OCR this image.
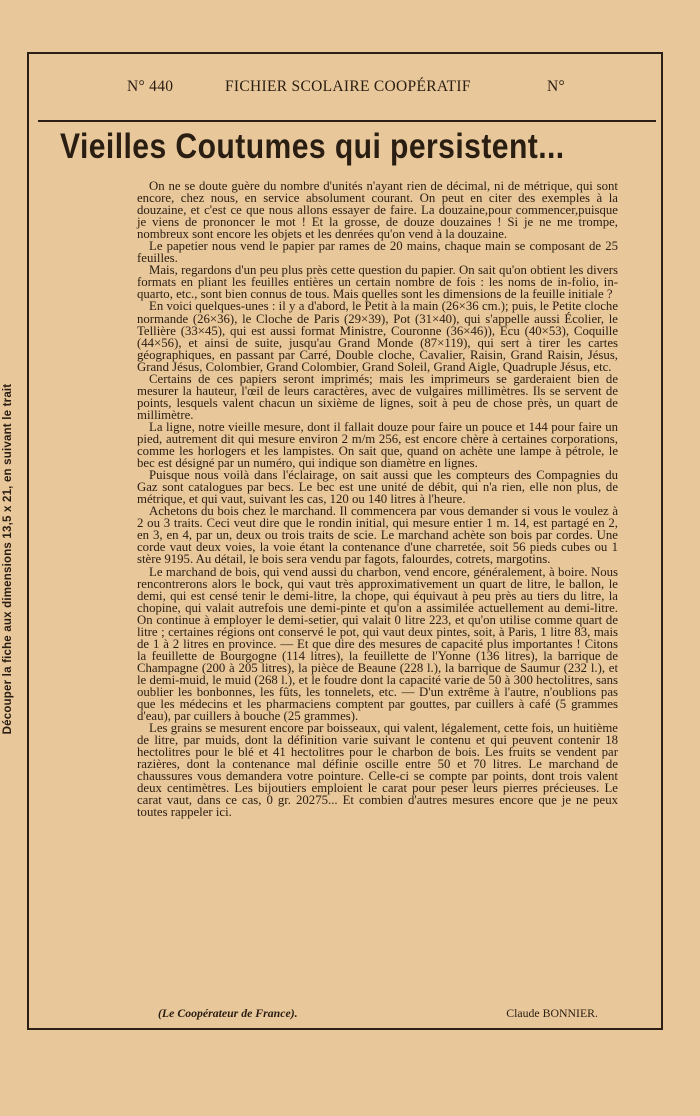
Découper la fiche aux dimensions 13,5 x 21, en suivant le trait
N° 440	FICHIER SCOLAIRE COOPÉRATIF	N°
Vieilles Coutumes qui persistent...

On ne se doute guère du nombre d'unités n'ayant rien de décimal, ni de métrique, qui sont encore, chez nous, en service absolument courant. On peut en citer des exemples à la douzaine, et c'est ce que nous allons essayer de faire. La douzaine,pour commencer,puisque je viens de prononcer le mot ! Et la grosse, de douze douzaines ! Si je ne me trompe, nombreux sont encore les objets et les denrées qu'on vend à la douzaine.

Le papetier nous vend le papier par rames de 20 mains, chaque main se composant de 25 feuilles.

Mais, regardons d'un peu plus près cette question du papier. On sait qu'on obtient les divers formats en pliant les feuilles entières un certain nombre de fois : les noms de in-folio, in-quarto, etc., sont bien connus de tous. Mais quelles sont les dimensions de la feuille initiale ?

En voici quelques-unes : il y a d'abord, le Petit à la main (26×36 cm.); puis, le Petite cloche normande (26×36), le Cloche de Paris (29×39), Pot (31×40), qui s'appelle aussi Écolier, le Tellière (33×45), qui est aussi format Ministre, Couronne (36×46)), Ecu (40×53), Coquille (44×56), et ainsi de suite, jusqu'au Grand Monde (87×119), qui sert à tirer les cartes géographiques, en passant par Carré, Double cloche, Cavalier, Raisin, Grand Raisin, Jésus, Grand Jésus, Colombier, Grand Colombier, Grand Soleil, Grand Aigle, Quadruple Jésus, etc.

Certains de ces papiers seront imprimés; mais les imprimeurs se garderaient bien de mesurer la hauteur, l'œil de leurs caractères, avec de vulgaires millimètres. Ils se servent de points, lesquels valent chacun un sixième de lignes, soit à peu de chose près, un quart de millimètre.

La ligne, notre vieille mesure, dont il fallait douze pour faire un pouce et 144 pour faire un pied, autrement dit qui mesure environ 2 m/m 256, est encore chère à certaines corporations, comme les horlogers et les lampistes. On sait que, quand on achète une lampe à pétrole, le bec est désigné par un numéro, qui indique son diamètre en lignes.

Puisque nous voilà dans l'éclairage, on sait aussi que les compteurs des Compagnies du Gaz sont catalogues par becs. Le bec est une unité de débit, qui n'a rien, elle non plus, de métrique, et qui vaut, suivant les cas, 120 ou 140 litres à l'heure.

Achetons du bois chez le marchand. Il commencera par vous demander si vous le voulez à 2 ou 3 traits. Ceci veut dire que le rondin initial, qui mesure entier 1 m. 14, est partagé en 2, en 3, en 4, par un, deux ou trois traits de scie. Le marchand achète son bois par cordes. Une corde vaut deux voies, la voie étant la contenance d'une charretée, soit 56 pieds cubes ou 1 stère 9195. Au détail, le bois sera vendu par fagots, falourdes, cotrets, margotins.

Le marchand de bois, qui vend aussi du charbon, vend encore, généralement, à boire. Nous rencontrerons alors le bock, qui vaut très approximativement un quart de litre, le ballon, le demi, qui est censé tenir le demi-litre, la chope, qui équivaut à peu près au tiers du litre, la chopine, qui valait autrefois une demi-pinte et qu'on a assimilée actuellement au demi-litre. On continue à employer le demi-setier, qui valait 0 litre 223, et qu'on utilise comme quart de litre ; certaines régions ont conservé le pot, qui vaut deux pintes, soit, à Paris, 1 litre 83, mais de 1 à 2 litres en province. — Et que dire des mesures de capacité plus importantes ! Citons la feuillette de Bourgogne (114 litres), la feuillette de l'Yonne (136 litres), la barrique de Champagne (200 à 205 litres), la pièce de Beaune (228 l.), la barrique de Saumur (232 l.), et le demi-muid, le muid (268 l.), et le foudre dont la capacité varie de 50 à 300 hectolitres, sans oublier les bonbonnes, les fûts, les tonnelets, etc. — D'un extrême à l'autre, n'oublions pas que les médecins et les pharmaciens comptent par gouttes, par cuillers à café (5 grammes d'eau), par cuillers à bouche (25 grammes).

Les grains se mesurent encore par boisseaux, qui valent, légalement, cette fois, un huitième de litre, par muids, dont la définition varie suivant le contenu et qui peuvent contenir 18 hectolitres pour le blé et 41 hectolitres pour le charbon de bois. Les fruits se vendent par razières, dont la contenance mal définie oscille entre 50 et 70 litres. Le marchand de chaussures vous demandera votre pointure. Celle-ci se compte par points, dont trois valent deux centimètres. Les bijoutiers emploient le carat pour peser leurs pierres précieuses. Le carat vaut, dans ce cas, 0 gr. 20275... Et combien d'autres mesures encore que je ne peux toutes rappeler ici.

(Le Coopérateur de France).	Claude BONNIER.
